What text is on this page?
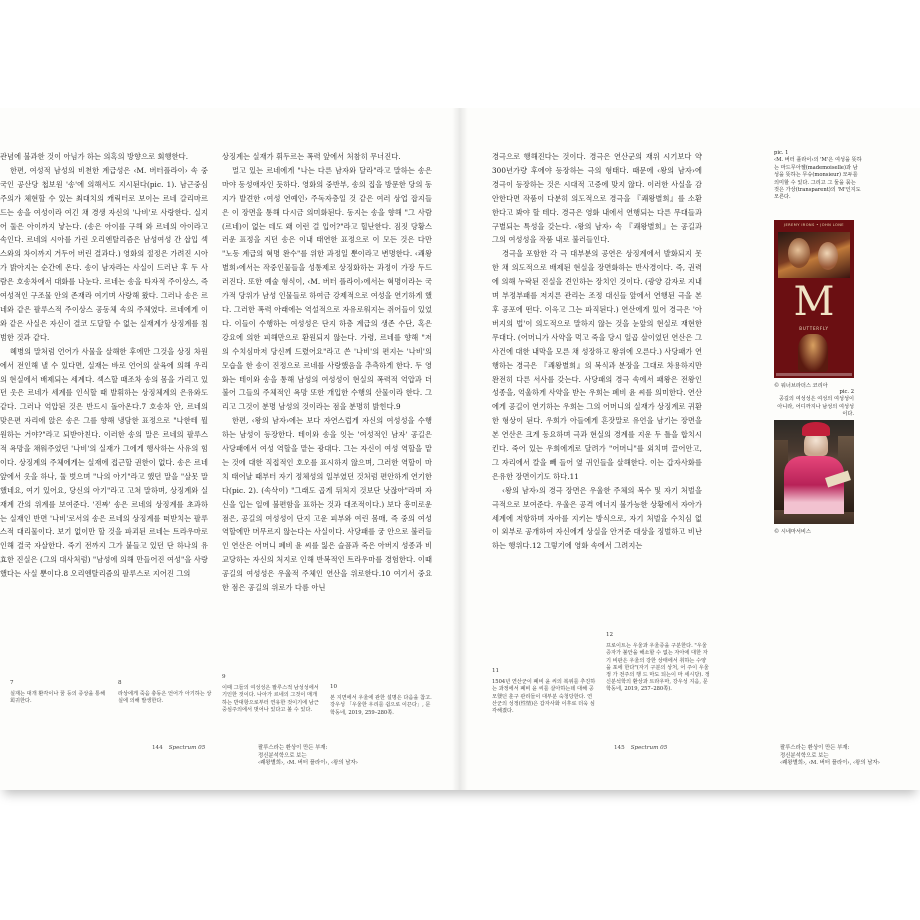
관념에 불과한 것이 아님가 하는 의혹의 방향으로 회행한다.

한편, 여성적 남성의 비천한 계급성은 ‹M. 버터플라이› 속 중국인 공산당 첩보원 '송'에 의해서도 지시된다(pic. 1). 남근중심주의가 체현할 수 있는 최대치의 캐릭터로 보이는 르네 갈리마르드는 송을 여성이라 여긴 채 경생 자신의 '나비'로 사랑한다. 실지어 둘은 아이까지 낳는다. (송은 아이를 구해 와 르네의 아이라고 속인다. 르네의 시아를 가린 오리엔탈리즘은 남성여성 간 삽입 섹스와의 차이까지 거두어 버린 결과다.) 영화의 절정은 가려진 시아가 밝아지는 순간에 온다. 송이 남자라는 사실이 드러난 후 두 사람은 호송차에서 대화를 나눈다. 르네는 송을 타자적 주이상스, 즉 여성적인 구조물 안의 존재라 여기며 사랑해 왔다. 그러나 송은 르네와 같은 팔루스적 주이상스 공동체 속의 주체였다. 르네에게 이와 같은 사실은 자신이 결코 도달할 수 없는 실재계가 상징계를 침범한 것과 같다.

혜병의 말처럼 언어가 사물을 살해한 후에만 그것을 상징 차원에서 전인해 낼 수 있다면, 실재는 바로 언어의 살육에 의해 우리의 현실에서 배제되는 세계다. 섹스할 때조차 송의 몸을 가리고 있던 옷은 르네가 세계를 인식할 때 발휘하는 상징체계의 은유와도 같다. 그러나 억압된 것은 반드시 돌아온다.7 호송차 안, 르네의 맞은편 자리에 앉은 송은 그를 향해 냉담한 표정으로 "나한테 뭘 원하는 거야?"라고 되받아친다. 이러한 송의 말은 르네의 팔루스적 욕망을 채워주었던 '나비'의 실재가 그에게 행사하는 사유의 힘이다. 상징계의 주체에게는 실재에 접근할 권한이 없다. 송은 르네 앞에서 옷을 하나, 둘 벗으며 "나의 아기"라고 했던 말을 "살못 말했네요, 여기 있어요, 당신의 아기"라고 고쳐 말하며, 상징계와 실재계 간의 위계를 보여준다. '진짜' 송은 르네의 상징계를 초과하는 실재인 반면 '나비'로서의 송은 르네의 상징계를 떠받치는 팔루스적 대리물이다. 보기 없이만 할 것을 파괴된 르네는 트라우마로 인해 결국 자살한다. 죽기 전까지 그가 붙들고 있던 단 하나의 유효한 진실은 (그의 대사처럼) "남성에 의해 만들어진 여성"을 사랑했다는 사실 뿐이다.8 오리엔탈리즘의 팔루스로 지어진 그의

상징계는 실재가 휘두르는 폭력 앞에서 처참히 무너진다.

멀고 있는 르네에게 "나는 다른 남자와 달라"라고 말하는 송은 마야 동성애자인 듯하다. 영화의 중반부, 송의 집을 방문한 당의 동지가 발견한 ‹여성 연예인› 주독자층일 것 같은 여러 상업 잡지들은 이 장면을 통해 다시금 의미화된다. 동지는 송을 향해 "그 사람(르네)이 없는 데도 왜 이런 걸 입어?"라고 힐난한다. 짐짓 당황스러운 표정을 지던 송은 이내 태연한 표정으로 이 모든 것은 다만 "노동 계급의 혁명 완수"를 위한 과정일 뿐이라고 변명한다. ‹쾌왕별희›에서는 작중인물들을 성통제로 상징화하는 과정이 가장 두드러진다. 또한 예술 형식이, ‹M. 버터 플라이›에서는 혁명이라는 국가적 당위가 남성 인물들로 하여금 강제적으로 여성을 연기하게 했다. 그러한 폭력 아래에는 역설적으로 자유로워지는 쥐어들이 있었다. 이들이 수행하는 여성성은 단지 하층 계급의 생존 수단, 혹은 강요에 의한 피해만으로 환원되지 않는다. 가령, 르네를 향해 "저의 수치심마저 당신께 드렸어요"라고 쓴 '나비'의 편지는 '나비'의 모습을 한 송이 진정으로 르네를 사랑했음을 추측하게 한다. 두 영화는 테이와 송을 통해 남성의 여성성이 현실의 폭력적 억압과 더불어 그들의 주체적인 욕망 또한 개입한 수행의 산물이라 한다. 그리고 그것이 분명 남성의 것이라는 점을 분명히 밝힌다.9

한편, ‹왕의 남자›에는 보다 자연스럽게 자신의 여성성을 수행하는 남성이 등장한다. 테이와 송을 잇는 '여성적인 남자' 공길은 사당패에서 여성 역할을 맡는 광대다. 그는 자신이 여성 역할을 맡는 것에 대한 직접적인 호오를 표시하지 않으며, 그러한 역할이 마치 태어날 때부터 자기 정체성의 일부였던 것처럼 편안하게 연기한다(pic. 2). (속삭이) "그래도 곱게 뒤처지 것보단 낫잖아"라며 자신을 입는 일에 불편함을 표하는 것과 대조적이다.) 보다 흥미로운 점은, 공길의 여성성이 단지 고운 피부와 여린 몸매, 즉 중의 여성 역할에만 머무르지 않는다는 사실이다. 사당패를 궁 안으로 불러들인 연산은 어머니 폐비 윤 씨를 잃은 슬픔과 죽은 아버지 성종과 비교당하는 자신의 처지로 인해 반복적인 트라우마를 경험한다. 이때 공길의 여성성은 우울적 주체인 연산을 위로한다.10 여기서 중요한 점은 공길의 위로가 다름 아닌

7
실재는 대개 환각이나 꿈 등의 증상을 통해 회귀한다.
8
라상에게 죽음 충동은 언어가 아기하는 상실에 의해 발생한다.
9
이때 그들의 여성성은 팔루스적 남성성에서 기인한 것이다. 나아가 르네의 그것이 매개하는 반대항으로부터 연유한 것이기에 남근중심주의에서 벗어나 있다고 볼 수 있다.
10
본 지면에서 우울에 관한 설명은 다음을 참고. 강우성 「우울한 우리를 쉽으로 이끈다」, 문학동네, 2019, 259–280쪽.
144 Spectrum 05	팔루스라는 환상이 만든 부재:
정신분석학으로 보는
‹쾌왕별희›, ‹M. 버터 플라이›, ‹왕의 남자›

경극으로 행해진다는 것이다. 경극은 연산군의 재위 시기보다 약 300년가량 후에야 등장하는 극의 형태다. 때문에 ‹왕의 남자›에 경극이 등장하는 것은 시대적 고증에 맞지 않다. 이러한 사실을 감안한다면 작품이 다분히 의도적으로 경극을 『쾌왕별희』를 소환한다고 봐야 할 테다. 경극은 영화 내에서 연행되는 다른 무대들과 구별되는 특성을 갖는다. ‹왕의 남자› 속 『쾌왕별희』는 공길과 그의 여성성을 작품 내로 불러들인다.

경극을 포함한 각 극 대부분의 공연은 상징계에서 발화되지 못한 채 의도적으로 배제된 현실을 장면화하는 반사경이다. 즉, 권력에 의해 누락된 진실을 견인하는 장치인 것이다. (광양 감자로 지내며 부정부패를 저지른 관리는 조정 대신들 앞에서 연행된 극을 본 후 공포에 떤다. 이윽고 그는 파직된다.) 연산에게 있어 경극은 '아버지의 법'이 의도적으로 말하지 않는 것을 눈앞의 현실로 재현한 무대다. (어머니가 사약을 먹고 죽을 당시 일곱 살이었던 연산은 그 사건에 대한 내막을 모른 채 성장하고 왕위에 오른다.) 사당패가 연행하는 경극은 『쾌왕별희』의 복식과 분장을 그대로 차용하지만 완전히 다른 서사를 갖는다. 사당패의 경극 속에서 패왕은 전왕인 성종을, 억울하게 사약을 받는 우희는 폐비 윤 씨를 의미한다. 연산에게 공길이 연기하는 우희는 그의 어머니의 실재가 상징계로 귀환한 형상이 된다. 우희가 아들에게 흔잣말로 유언을 남기는 장면을 본 연산은 크게 동요하며 극과 현실의 경계를 지운 두 틀을 합치시킨다. 죽어 있는 우희에게로 달려가 "어머니"를 외치며 끌어안고, 그 자리에서 칼을 빼 들어 옆 귀인들을 살해한다. 이는 갑자사화를 은유한 장면이기도 하다.11

‹왕의 남자›의 경극 장면은 우울한 주체의 복수 및 자기 처벌을 극적으로 보여준다. 우울은 공격 에너지 불가능한 상황에서 자아가 세계에 저항하며 자아를 지키는 방식으로, 자기 처벌을 수치심 없이 외부로 공개하여 자신에게 상실을 안겨준 대상을 징벌하고 비난하는 행위다.12 그렇기에 영화 속에서 그려지는

pic. 1
‹M. 버터 플라이›의 'M'은 여성을 뜻하는 마드무아젤(mademoiselle)과 남성을 뜻하는 무슈(monsieur) 모두를 의미할 수 있다. 그리고 그 둘을 묶는 것은 가상(transparent)의 'M'인지도 모른다.
JEREMY IRONS • JOHN LONE
M
BUTTERFLY
© 워너브라더스 코리아
pic. 2
공길의 여성성은 여성의 여성성이 아니라, 어디까지나 남성의 여성성이다.
© 시네마서비스
11
1504년 연산군이 폐비 윤 씨의 복위를 추진하는 과정에서 폐비 윤 씨를 살아하는데 대해 공모했던 훈구 관리들이 대부분 숙청당한다. 연산군의 성정(性情)은 갑자사화 이후로 더욱 심각해졌다.
12
프로이트는 우울과 우울증을 구분한다. "우울증자가 불안을 해소할 수 없는 자아에 대한 자기 비판은 우울의 강한 상태에서 취하는 수양을 포에 한다"(자기 구분의 상처, 어 주이 우울정 가 전주의 행 드 마도 되는이 마 세시당). 정신분석학의 환상과 트라우마, 강우성 지음, 문학동네, 2019, 257–280쪽).
145 Spectrum 05	팔루스라는 환상이 만든 부재:
정신분석학으로 보는
‹쾌왕별희›, ‹M. 버터 플라이›, ‹왕의 남자›
